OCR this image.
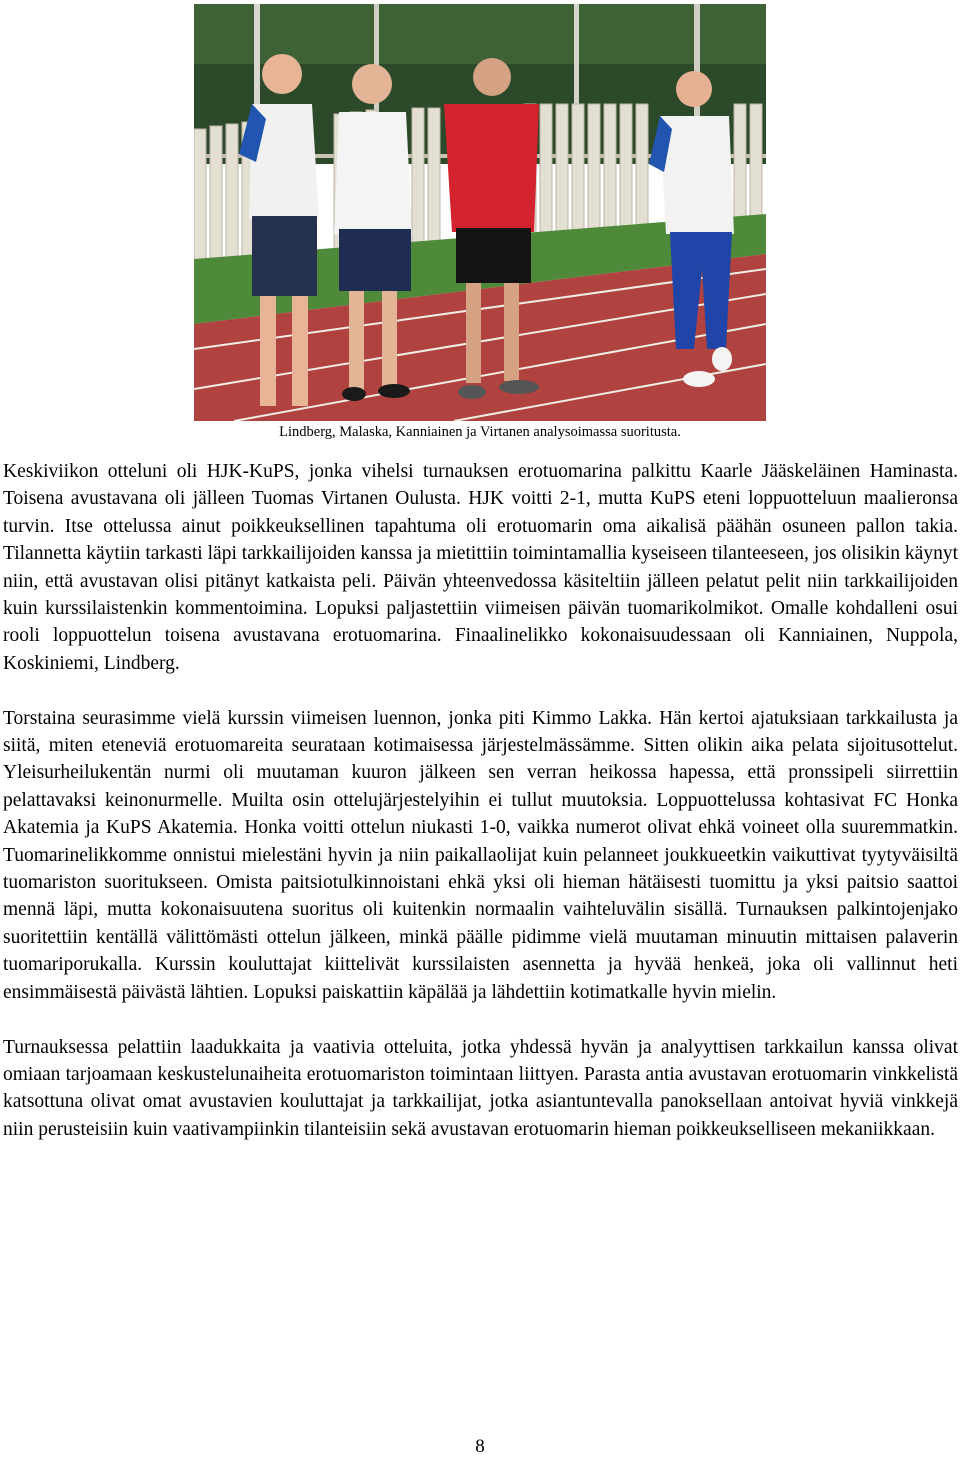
Lindberg, Malaska, Kanniainen ja Virtanen analysoimassa suoritusta.

Keskiviikon otteluni oli HJK-KuPS, jonka vihelsi turnauksen erotuomarina palkittu Kaarle Jääskeläinen Haminasta. Toisena avustavana oli jälleen Tuomas Virtanen Oulusta. HJK voitti 2-1, mutta KuPS eteni loppuotteluun maalieronsa turvin. Itse ottelussa ainut poikkeuksellinen tapahtuma oli erotuomarin oma aikalisä päähän osuneen pallon takia. Tilannetta käytiin tarkasti läpi tarkkailijoiden kanssa ja mietittiin toimintamallia kyseiseen tilanteeseen, jos olisikin käynyt niin, että avustavan olisi pitänyt katkaista peli. Päivän yhteenvedossa käsiteltiin jälleen pelatut pelit niin tarkkailijoiden kuin kurssilaistenkin kommentoimina. Lopuksi paljastettiin viimeisen päivän tuomarikolmikot. Omalle kohdalleni osui rooli loppuottelun toisena avustavana erotuomarina. Finaalinelikko kokonaisuudessaan oli Kanniainen, Nuppola, Koskiniemi, Lindberg.

Torstaina seurasimme vielä kurssin viimeisen luennon, jonka piti Kimmo Lakka. Hän kertoi ajatuksiaan tarkkailusta ja siitä, miten eteneviä erotuomareita seurataan kotimaisessa järjestelmässämme. Sitten olikin aika pelata sijoitusottelut. Yleisurheilukentän nurmi oli muutaman kuuron jälkeen sen verran heikossa hapessa, että pronssipeli siirrettiin pelattavaksi keinonurmelle. Muilta osin ottelujärjestelyihin ei tullut muutoksia. Loppuottelussa kohtasivat FC Honka Akatemia ja KuPS Akatemia. Honka voitti ottelun niukasti 1-0, vaikka numerot olivat ehkä voineet olla suuremmatkin. Tuomarinelikkomme onnistui mielestäni hyvin ja niin paikallaolijat kuin pelanneet joukkueetkin vaikuttivat tyytyväisiltä tuomariston suoritukseen. Omista paitsiotulkinnoistani ehkä yksi oli hieman hätäisesti tuomittu ja yksi paitsio saattoi mennä läpi, mutta kokonaisuutena suoritus oli kuitenkin normaalin vaihteluvälin sisällä. Turnauksen palkintojenjako suoritettiin kentällä välittömästi ottelun jälkeen, minkä päälle pidimme vielä muutaman minuutin mittaisen palaverin tuomariporukalla. Kurssin kouluttajat kiittelivät kurssilaisten asennetta ja hyvää henkeä, joka oli vallinnut heti ensimmäisestä päivästä lähtien. Lopuksi paiskattiin käpälää ja lähdettiin kotimatkalle hyvin mielin.

Turnauksessa pelattiin laadukkaita ja vaativia otteluita, jotka yhdessä hyvän ja analyyttisen tarkkailun kanssa olivat omiaan tarjoamaan keskustelunaiheita erotuomariston toimintaan liittyen. Parasta antia avustavan erotuomarin vinkkelistä katsottuna olivat omat avustavien kouluttajat ja tarkkailijat, jotka asiantuntevalla panoksellaan antoivat hyviä vinkkejä niin perusteisiin kuin vaativampiinkin tilanteisiin sekä avustavan erotuomarin hieman poikkeukselliseen mekaniikkaan.

8
